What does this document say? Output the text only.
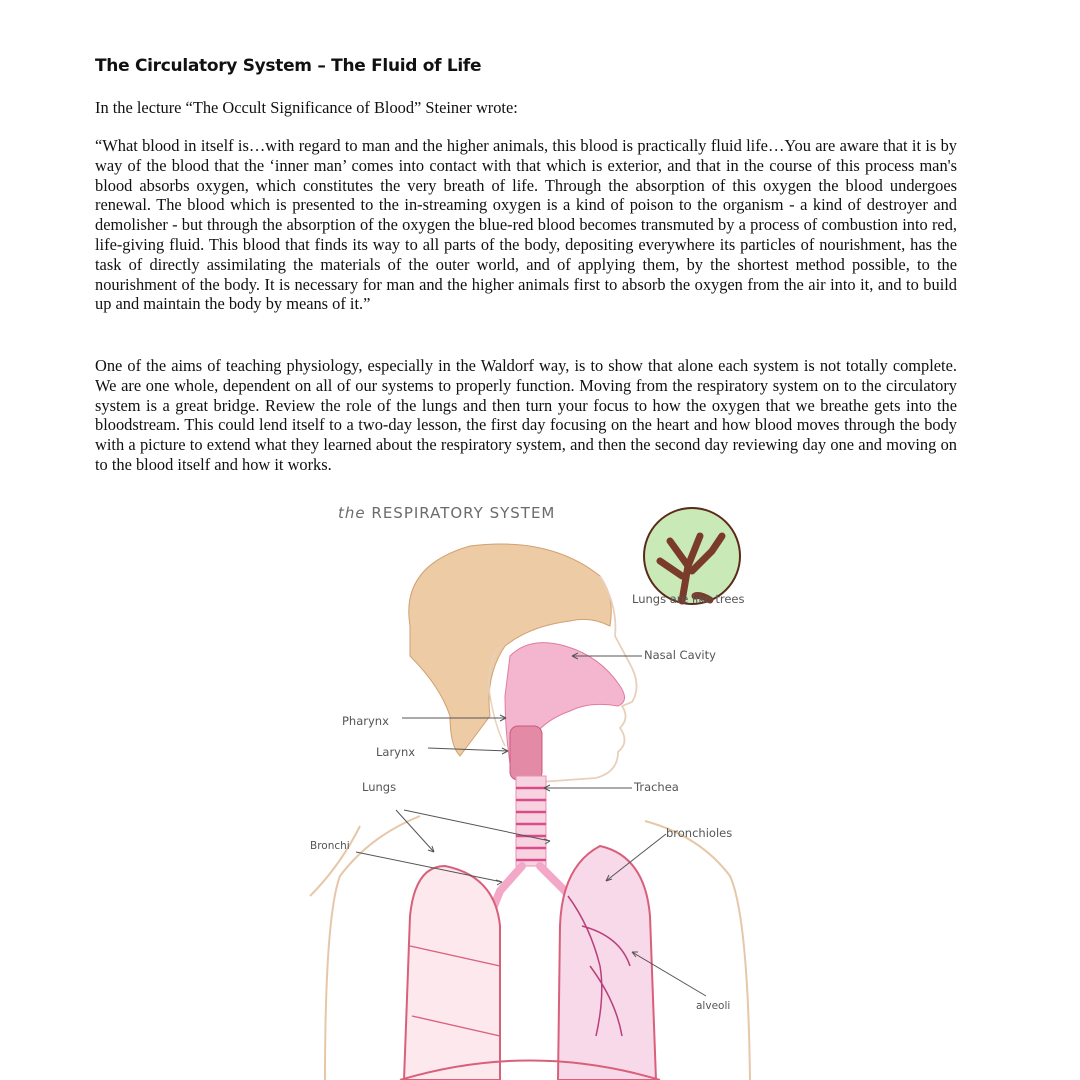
The Circulatory System – The Fluid of Life

In the lecture “The Occult Significance of Blood” Steiner wrote:

“What blood in itself is…with regard to man and the higher animals, this blood is practically fluid life…You are aware that it is by way of the blood that the ‘inner man’ comes into contact with that which is exterior, and that in the course of this process man's blood absorbs oxygen, which constitutes the very breath of life. Through the absorption of this oxygen the blood undergoes renewal. The blood which is presented to the in-streaming oxygen is a kind of poison to the organism - a kind of destroyer and demolisher - but through the absorption of the oxygen the blue-red blood becomes transmuted by a process of combustion into red, life-giving fluid. This blood that finds its way to all parts of the body, depositing everywhere its particles of nourishment, has the task of directly assimilating the materials of the outer world, and of applying them, by the shortest method possible, to the nourishment of the body. It is necessary for man and the higher animals first to absorb the oxygen from the air into it, and to build up and maintain the body by means of it.”

One of the aims of teaching physiology, especially in the Waldorf way, is to show that alone each system is not totally complete. We are one whole, dependent on all of our systems to properly function. Moving from the respiratory system on to the circulatory system is a great bridge. Review the role of the lungs and then turn your focus to how the oxygen that we breathe gets into the bloodstream. This could lend itself to a two-day lesson, the first day focusing on the heart and how blood moves through the body with a picture to extend what they learned about the respiratory system, and then the second day reviewing day one and moving on to the blood itself and how it works.

the RESPIRATORY SYSTEM
Lungs are like trees
Nasal Cavity
Pharynx
Larynx
Lungs	Trachea
Bronchi
bronchioles
alveoli
